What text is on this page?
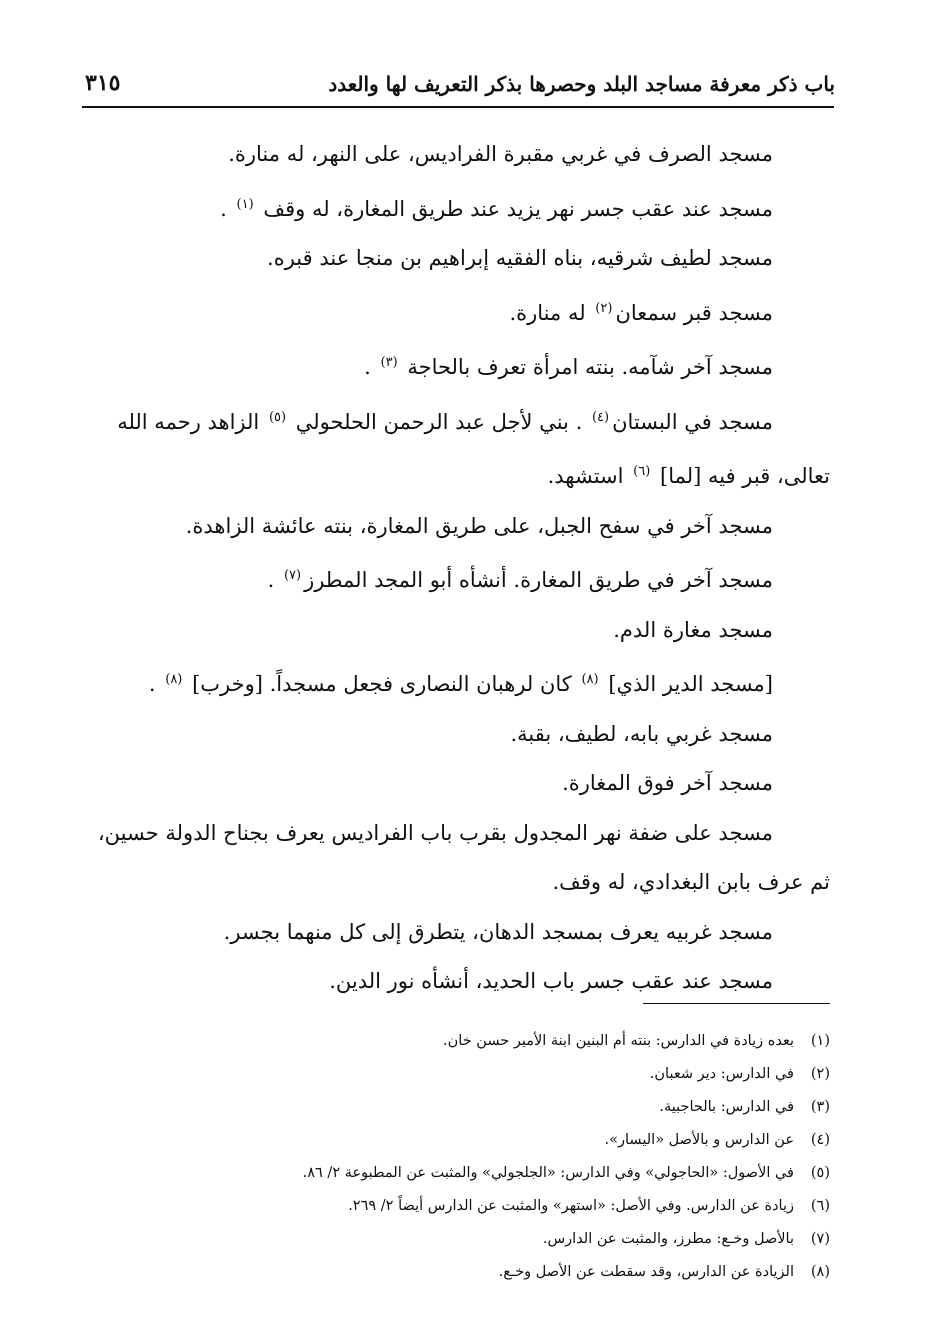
باب ذكر معرفة مساجد البلد وحصرها بذكر التعريف لها والعدد
٣١٥

مسجد الصرف في غربي مقبرة الفراديس، على النهر، له منارة.

مسجد عند عقب جسر نهر يزيد عند طريق المغارة، له وقف $^{(١)}$ .

مسجد لطيف شرقيه، بناه الفقيه إبراهيم بن منجا عند قبره.

مسجد قبر سمعان$^{(٢)}$ له منارة.

مسجد آخر شآمه. بنته امرأة تعرف بالحاجة $^{(٣)}$ .

مسجد في البستان$^{(٤)}$ . بني لأجل عبد الرحمن الحلحولي $^{(٥)}$ الزاهد رحمه الله
تعالى، قبر فيه [لما] $^{(٦)}$ استشهد.

مسجد آخر في سفح الجبل، على طريق المغارة، بنته عائشة الزاهدة.

مسجد آخر في طريق المغارة. أنشأه أبو المجد المطرز$^{(٧)}$ .

مسجد مغارة الدم.

[مسجد الدير الذي] $^{(٨)}$ كان لرهبان النصارى فجعل مسجداً. [وخرب] $^{(٨)}$ .

مسجد غربي بابه، لطيف، بقبة.

مسجد آخر فوق المغارة.

مسجد على ضفة نهر المجدول بقرب باب الفراديس يعرف بجناح الدولة حسين،
ثم عرف بابن البغدادي، له وقف.

مسجد غربيه يعرف بمسجد الدهان، يتطرق إلى كل منهما بجسر.

مسجد عند عقب جسر باب الحديد، أنشأه نور الدين.

(١)بعده زيادة في الدارس: بنته أم البنين ابنة الأمير حسن خان.

(٢)في الدارس: دير شعبان.

(٣)في الدارس: بالحاجبية.

(٤)عن الدارس و بالأصل «اليسار».

(٥)في الأصول: «الحاجولي» وفي الدارس: «الجلجولي» والمثبت عن المطبوعة ٢/ ٨٦.

(٦)زيادة عن الدارس. وفي الأصل: «استهر» والمثبت عن الدارس أيضاً ٢/ ٢٦٩.

(٧)بالأصل وخـع: مطرز، والمثبت عن الدارس.

(٨)الزيادة عن الدارس، وقد سقطت عن الأصل وخـع.
